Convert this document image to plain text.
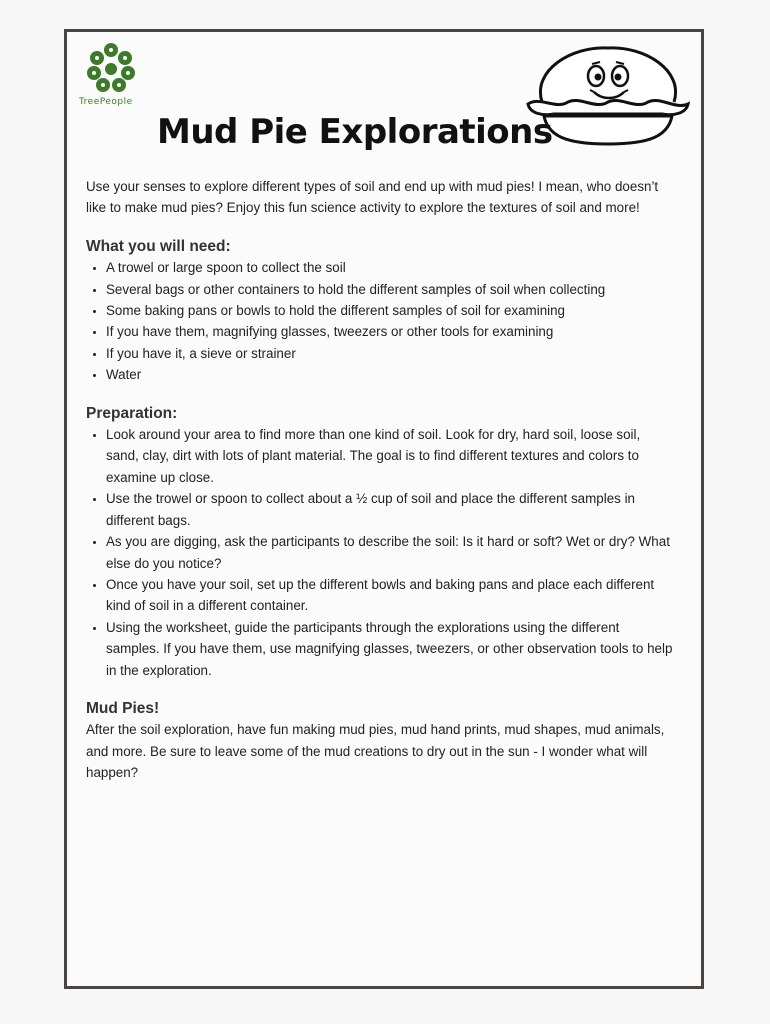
TreePeople
Mud Pie Explorations

Use your senses to explore different types of soil and end up with mud pies! I mean, who doesn’t like to make mud pies? Enjoy this fun science activity to explore the textures of soil and more!

What you will need:
• A trowel or large spoon to collect the soil
• Several bags or other containers to hold the different samples of soil when collecting
• Some baking pans or bowls to hold the different samples of soil for examining
• If you have them, magnifying glasses, tweezers or other tools for examining
• If you have it, a sieve or strainer
• Water
Preparation:
• Look around your area to find more than one kind of soil. Look for dry, hard soil, loose soil, sand, clay, dirt with lots of plant material. The goal is to find different textures and colors to examine up close.
• Use the trowel or spoon to collect about a ½ cup of soil and place the different samples in different bags.
• As you are digging, ask the participants to describe the soil: Is it hard or soft? Wet or dry? What else do you notice?
• Once you have your soil, set up the different bowls and baking pans and place each different kind of soil in a different container.
• Using the worksheet, guide the participants through the explorations using the different samples. If you have them, use magnifying glasses, tweezers, or other observation tools to help in the exploration.
Mud Pies!

After the soil exploration, have fun making mud pies, mud hand prints, mud shapes, mud animals, and more. Be sure to leave some of the mud creations to dry out in the sun - I wonder what will happen?
